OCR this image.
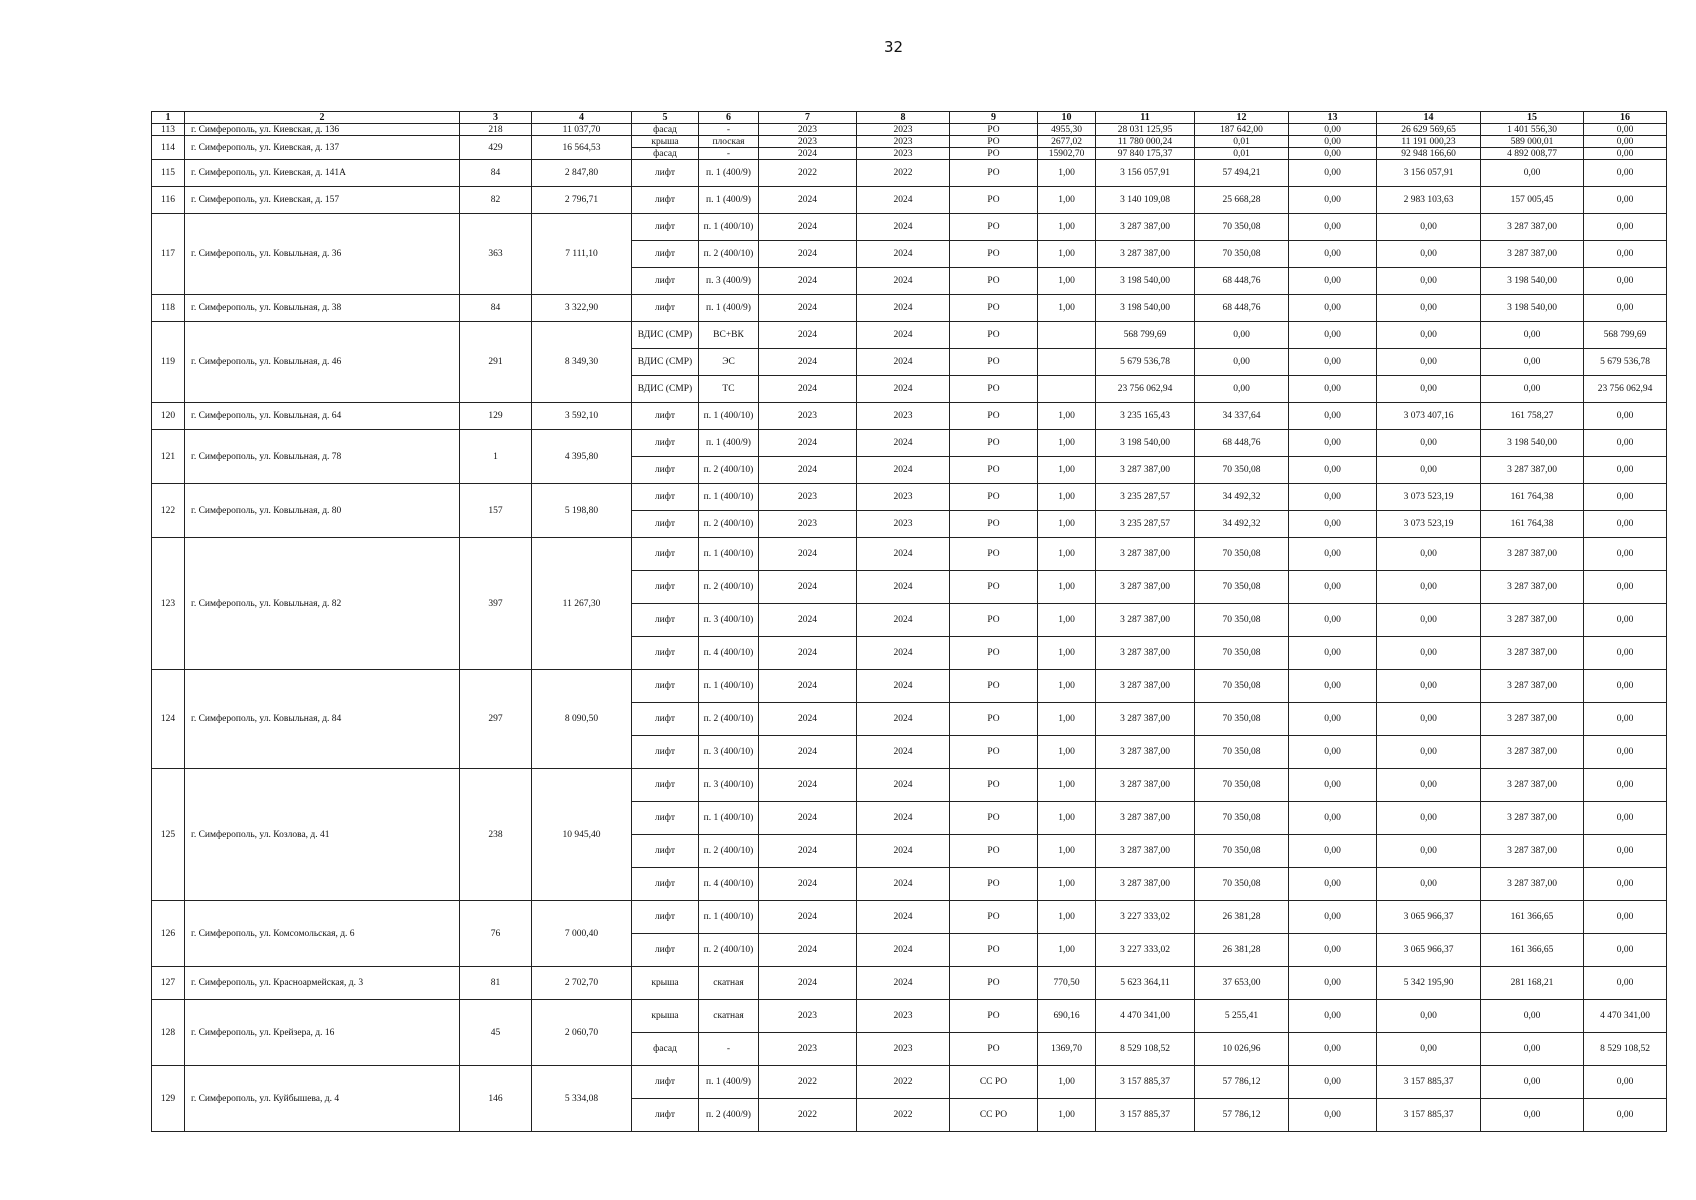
32
1	2	3	4	5	6	7	8	9	10	11	12	13	14	15	16
113	г. Симферополь, ул. Киевская, д. 136	218	11 037,70	фасад	-	2023	2023	РО	4955,30	28 031 125,95	187 642,00	0,00	26 629 569,65	1 401 556,30	0,00
114	г. Симферополь, ул. Киевская, д. 137	429	16 564,53	крыша	плоская	2023	2023	РО	2677,02	11 780 000,24	0,01	0,00	11 191 000,23	589 000,01	0,00
				фасад	-	2024	2023	РО	15902,70	97 840 175,37	0,01	0,00	92 948 166,60	4 892 008,77	0,00
115	г. Симферополь, ул. Киевская, д. 141А	84	2 847,80	лифт	п. 1 (400/9)	2022	2022	РО	1,00	3 156 057,91	57 494,21	0,00	3 156 057,91	0,00	0,00
116	г. Симферополь, ул. Киевская, д. 157	82	2 796,71	лифт	п. 1 (400/9)	2024	2024	РО	1,00	3 140 109,08	25 668,28	0,00	2 983 103,63	157 005,45	0,00
117	г. Симферополь, ул. Ковыльная, д. 36	363	7 111,10	лифт	п. 1 (400/10)	2024	2024	РО	1,00	3 287 387,00	70 350,08	0,00	0,00	3 287 387,00	0,00
				лифт	п. 2 (400/10)	2024	2024	РО	1,00	3 287 387,00	70 350,08	0,00	0,00	3 287 387,00	0,00
				лифт	п. 3 (400/9)	2024	2024	РО	1,00	3 198 540,00	68 448,76	0,00	0,00	3 198 540,00	0,00
118	г. Симферополь, ул. Ковыльная, д. 38	84	3 322,90	лифт	п. 1 (400/9)	2024	2024	РО	1,00	3 198 540,00	68 448,76	0,00	0,00	3 198 540,00	0,00
119	г. Симферополь, ул. Ковыльная, д. 46	291	8 349,30	ВДИС (СМР)	ВС+ВК	2024	2024	РО		568 799,69	0,00	0,00	0,00	0,00	568 799,69
				ВДИС (СМР)	ЭС	2024	2024	РО		5 679 536,78	0,00	0,00	0,00	0,00	5 679 536,78
				ВДИС (СМР)	ТС	2024	2024	РО		23 756 062,94	0,00	0,00	0,00	0,00	23 756 062,94
120	г. Симферополь, ул. Ковыльная, д. 64	129	3 592,10	лифт	п. 1 (400/10)	2023	2023	РО	1,00	3 235 165,43	34 337,64	0,00	3 073 407,16	161 758,27	0,00
121	г. Симферополь, ул. Ковыльная, д. 78	1	4 395,80	лифт	п. 1 (400/9)	2024	2024	РО	1,00	3 198 540,00	68 448,76	0,00	0,00	3 198 540,00	0,00
				лифт	п. 2 (400/10)	2024	2024	РО	1,00	3 287 387,00	70 350,08	0,00	0,00	3 287 387,00	0,00
122	г. Симферополь, ул. Ковыльная, д. 80	157	5 198,80	лифт	п. 1 (400/10)	2023	2023	РО	1,00	3 235 287,57	34 492,32	0,00	3 073 523,19	161 764,38	0,00
				лифт	п. 2 (400/10)	2023	2023	РО	1,00	3 235 287,57	34 492,32	0,00	3 073 523,19	161 764,38	0,00
123	г. Симферополь, ул. Ковыльная, д. 82	397	11 267,30	лифт	п. 1 (400/10)	2024	2024	РО	1,00	3 287 387,00	70 350,08	0,00	0,00	3 287 387,00	0,00
				лифт	п. 2 (400/10)	2024	2024	РО	1,00	3 287 387,00	70 350,08	0,00	0,00	3 287 387,00	0,00
				лифт	п. 3 (400/10)	2024	2024	РО	1,00	3 287 387,00	70 350,08	0,00	0,00	3 287 387,00	0,00
				лифт	п. 4 (400/10)	2024	2024	РО	1,00	3 287 387,00	70 350,08	0,00	0,00	3 287 387,00	0,00
124	г. Симферополь, ул. Ковыльная, д. 84	297	8 090,50	лифт	п. 1 (400/10)	2024	2024	РО	1,00	3 287 387,00	70 350,08	0,00	0,00	3 287 387,00	0,00
				лифт	п. 2 (400/10)	2024	2024	РО	1,00	3 287 387,00	70 350,08	0,00	0,00	3 287 387,00	0,00
				лифт	п. 3 (400/10)	2024	2024	РО	1,00	3 287 387,00	70 350,08	0,00	0,00	3 287 387,00	0,00
125	г. Симферополь, ул. Козлова, д. 41	238	10 945,40	лифт	п. 3 (400/10)	2024	2024	РО	1,00	3 287 387,00	70 350,08	0,00	0,00	3 287 387,00	0,00
				лифт	п. 1 (400/10)	2024	2024	РО	1,00	3 287 387,00	70 350,08	0,00	0,00	3 287 387,00	0,00
				лифт	п. 2 (400/10)	2024	2024	РО	1,00	3 287 387,00	70 350,08	0,00	0,00	3 287 387,00	0,00
				лифт	п. 4 (400/10)	2024	2024	РО	1,00	3 287 387,00	70 350,08	0,00	0,00	3 287 387,00	0,00
126	г. Симферополь, ул. Комсомольская, д. 6	76	7 000,40	лифт	п. 1 (400/10)	2024	2024	РО	1,00	3 227 333,02	26 381,28	0,00	3 065 966,37	161 366,65	0,00
				лифт	п. 2 (400/10)	2024	2024	РО	1,00	3 227 333,02	26 381,28	0,00	3 065 966,37	161 366,65	0,00
127	г. Симферополь, ул. Красноармейская, д. 3	81	2 702,70	крыша	скатная	2024	2024	РО	770,50	5 623 364,11	37 653,00	0,00	5 342 195,90	281 168,21	0,00
128	г. Симферополь, ул. Крейзера, д. 16	45	2 060,70	крыша	скатная	2023	2023	РО	690,16	4 470 341,00	5 255,41	0,00	0,00	0,00	4 470 341,00
				фасад	-	2023	2023	РО	1369,70	8 529 108,52	10 026,96	0,00	0,00	0,00	8 529 108,52
129	г. Симферополь, ул. Куйбышева, д. 4	146	5 334,08	лифт	п. 1 (400/9)	2022	2022	СС РО	1,00	3 157 885,37	57 786,12	0,00	3 157 885,37	0,00	0,00
				лифт	п. 2 (400/9)	2022	2022	СС РО	1,00	3 157 885,37	57 786,12	0,00	3 157 885,37	0,00	0,00
